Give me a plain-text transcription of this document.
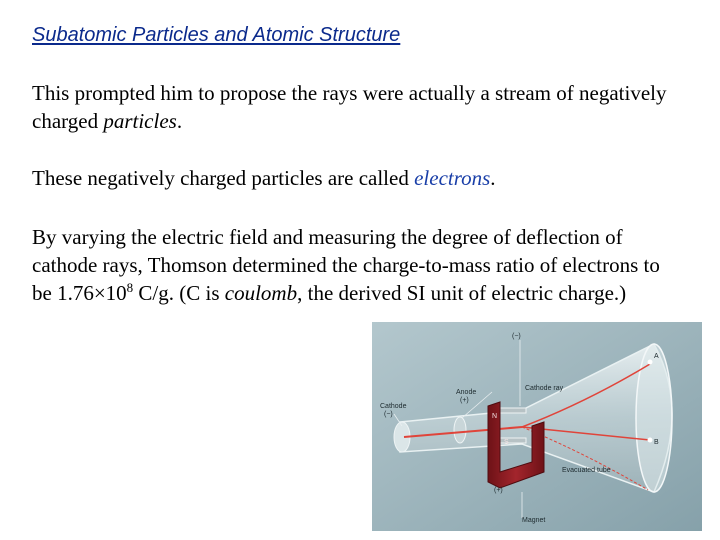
Subatomic Particles and Atomic Structure
This prompted him to propose the rays were actually a stream of negatively charged particles.
These negatively charged particles are called electrons.
By varying the electric field and measuring the degree of deflection of cathode rays, Thomson determined the charge-to-mass ratio of electrons to be $1.76\times 10^8$ C/g. (C is coulomb, the derived SI unit of electric charge.)
(−)
A
Cathode ray
Anode
(+)
Cathode
(−)	N
S	B
Evacuated tube
(+)
Magnet
